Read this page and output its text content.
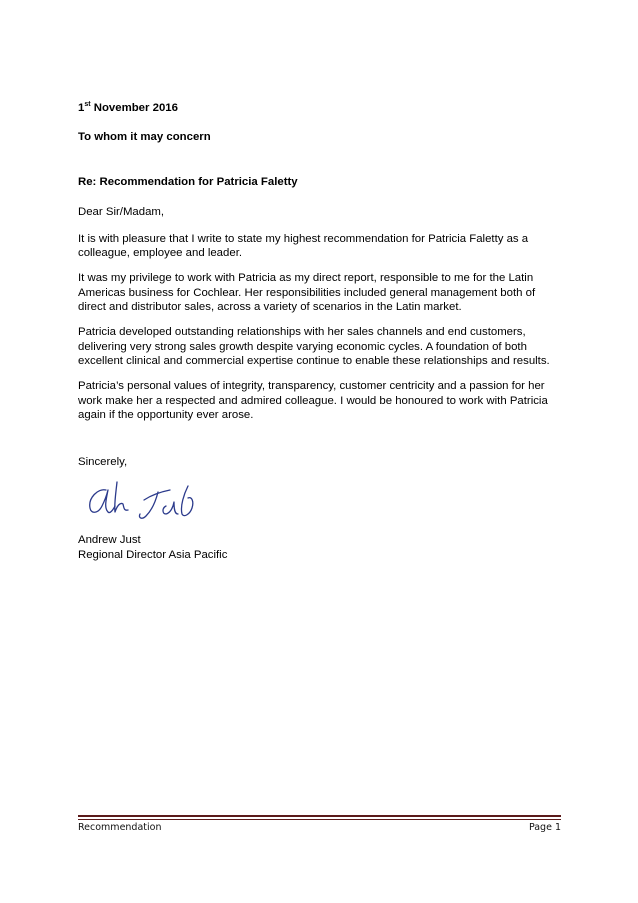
1st November 2016
To whom it may concern
Re: Recommendation for Patricia Faletty
Dear Sir/Madam,
It is with pleasure that I write to state my highest recommendation for Patricia Faletty as a
colleague, employee and leader.
It was my privilege to work with Patricia as my direct report, responsible to me for the Latin
Americas business for Cochlear. Her responsibilities included general management both of
direct and distributor sales, across a variety of scenarios in the Latin market.
Patricia developed outstanding relationships with her sales channels and end customers,
delivering very strong sales growth despite varying economic cycles. A foundation of both
excellent clinical and commercial expertise continue to enable these relationships and results.
Patricia’s personal values of integrity, transparency, customer centricity and a passion for her
work make her a respected and admired colleague. I would be honoured to work with Patricia
again if the opportunity ever arose.
Sincerely,
Andrew Just
Regional Director Asia Pacific
Recommendation	Page 1
